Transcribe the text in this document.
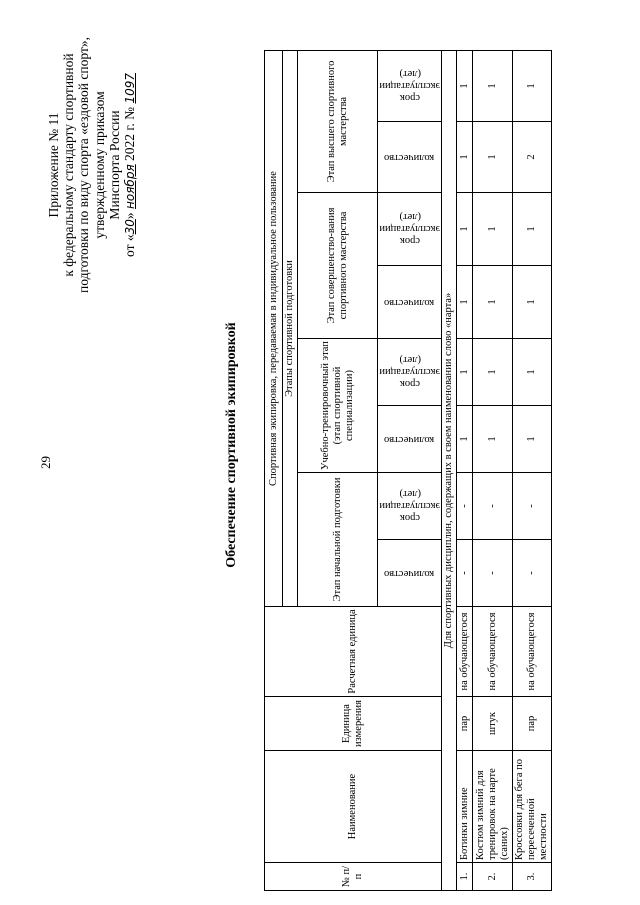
29
Приложение № 11 к федеральному стандарту спортивной подготовки по виду спорта «ездовой спорт», утвержденному приказом Минспорта России
от «30» ноября 2022 г. № 1097
Обеспечение спортивной экипировкой
№ п/п	Наименование	Единица измерения	Расчетная единица	Спортивная экипировка, передаваемая в индивидуальное пользование							
				Этапы спортивной подготовки							
				Этап начальной подготовки		Учебно-тренировочный этап (этап спортивной специализации)		Этап совершенство-вания спортивного мастерства		Этап высшего спортивного мастерства	

				количество	срок эксплуатации (лет)	количество	срок эксплуатации (лет)	количество	срок эксплуатации (лет)	количество	срок эксплуатации (лет)

Для спортивных дисциплин, содержащих в своем наименовании слово «нарта»											
1.	Ботинки зимние	пар	на обучающегося	-	-	1	1	1	1	1	1
2.	Костюм зимний для тренировок на нарте (саних)	штук	на обучающегося	-	-	1	1	1	1	1	1
3.	Кроссовки для бега по пересеченной местности	пар	на обучающегося	-	-	1	1	1	1	2	1
